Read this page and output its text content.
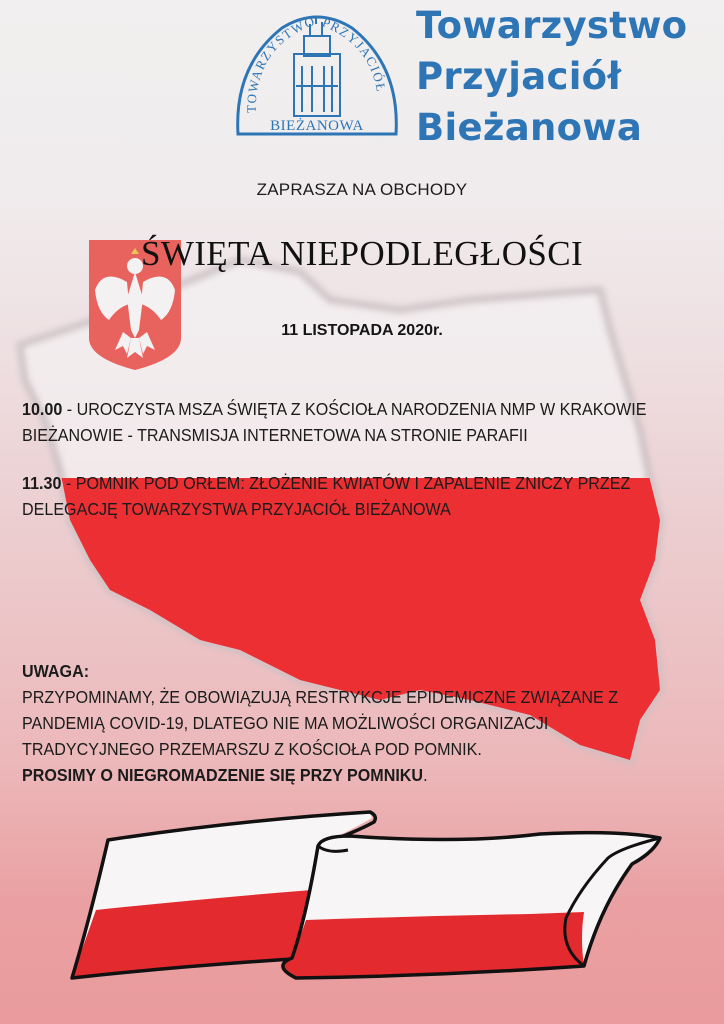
TOWARZYSTWO PRZYJACIÓŁ
BIEŻANOWA
Towarzystwo
Przyjaciół
Bieżanowa
ZAPRASZA NA OBCHODY
ŚWIĘTA NIEPODLEGŁOŚCI
11 LISTOPADA 2020r.
10.00 - UROCZYSTA MSZA ŚWIĘTA Z KOŚCIOŁA NARODZENIA NMP W KRAKOWIE BIEŻANOWIE - TRANSMISJA INTERNETOWA NA STRONIE PARAFII
11.30 - POMNIK POD ORŁEM: ZŁOŻENIE KWIATÓW I ZAPALENIE ZNICZY PRZEZ DELEGACJĘ TOWARZYSTWA PRZYJACIÓŁ BIEŻANOWA
UWAGA:
PRZYPOMINAMY, ŻE OBOWIĄZUJĄ RESTRYKCJE EPIDEMICZNE ZWIĄZANE Z PANDEMIĄ COVID-19, DLATEGO NIE MA MOŻLIWOŚCI ORGANIZACJI TRADYCYJNEGO PRZEMARSZU Z KOŚCIOŁA POD POMNIK.
PROSIMY O NIEGROMADZENIE SIĘ PRZY POMNIKU.
